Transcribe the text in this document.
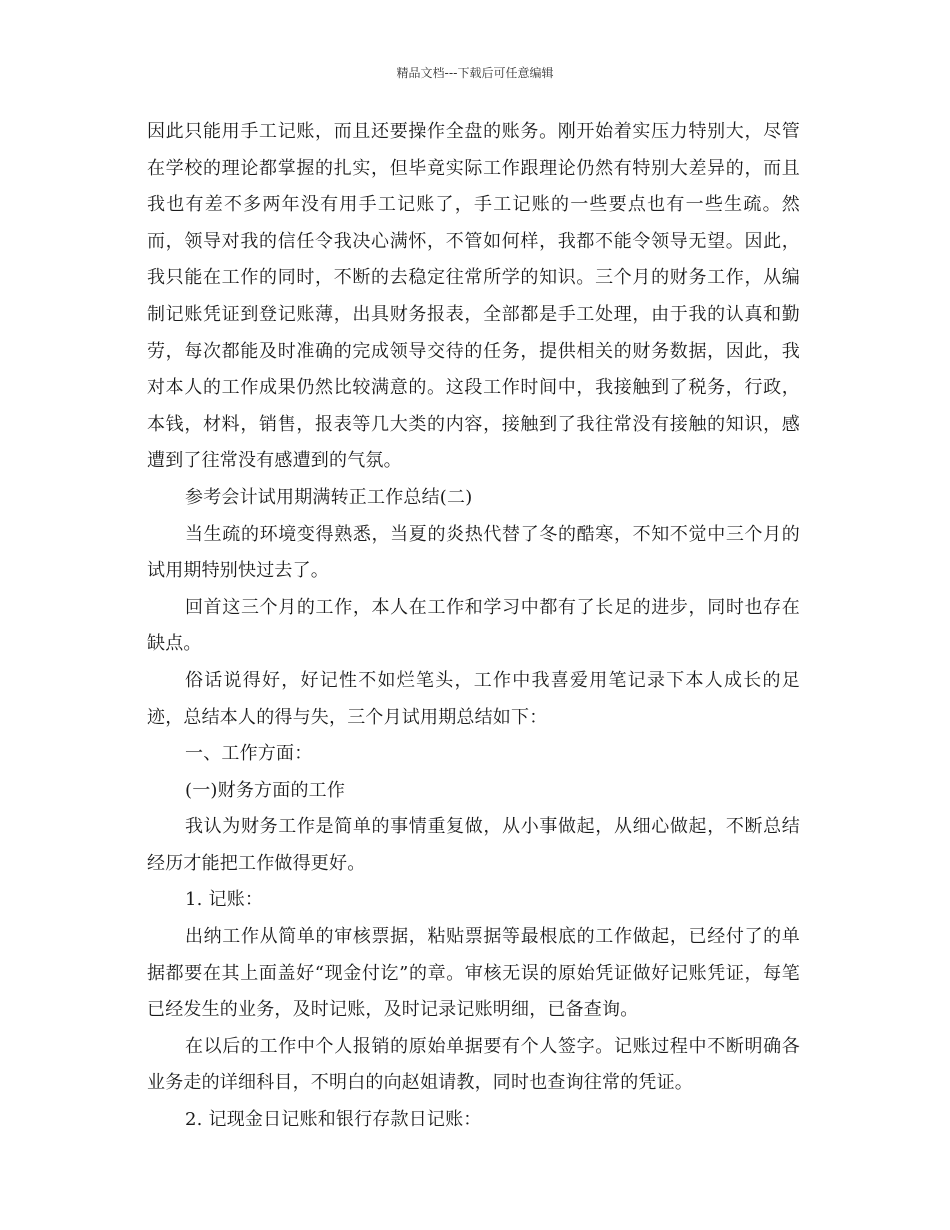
精品文档---下载后可任意编辑

因此只能用手工记账，而且还要操作全盘的账务。刚开始着实压力特别大，尽管在学校的理论都掌握的扎实，但毕竟实际工作跟理论仍然有特别大差异的，而且我也有差不多两年没有用手工记账了，手工记账的一些要点也有一些生疏。然而，领导对我的信任令我决心满怀，不管如何样，我都不能令领导无望。因此，我只能在工作的同时，不断的去稳定往常所学的知识。三个月的财务工作，从编制记账凭证到登记账薄，出具财务报表，全部都是手工处理，由于我的认真和勤劳，每次都能及时准确的完成领导交待的任务，提供相关的财务数据，因此，我对本人的工作成果仍然比较满意的。这段工作时间中，我接触到了税务，行政，本钱，材料，销售，报表等几大类的内容，接触到了我往常没有接触的知识，感遭到了往常没有感遭到的气氛。

参考会计试用期满转正工作总结(二)

当生疏的环境变得熟悉，当夏的炎热代替了冬的酷寒，不知不觉中三个月的试用期特别快过去了。

回首这三个月的工作，本人在工作和学习中都有了长足的进步，同时也存在缺点。

俗话说得好，好记性不如烂笔头，工作中我喜爱用笔记录下本人成长的足迹，总结本人的得与失，三个月试用期总结如下：

一、工作方面：

(一)财务方面的工作

我认为财务工作是简单的事情重复做，从小事做起，从细心做起，不断总结经历才能把工作做得更好。

1. 记账：

出纳工作从简单的审核票据，粘贴票据等最根底的工作做起，已经付了的单据都要在其上面盖好“现金付讫”的章。审核无误的原始凭证做好记账凭证，每笔已经发生的业务，及时记账，及时记录记账明细，已备查询。

在以后的工作中个人报销的原始单据要有个人签字。记账过程中不断明确各业务走的详细科目，不明白的向赵姐请教，同时也查询往常的凭证。

2. 记现金日记账和银行存款日记账：
